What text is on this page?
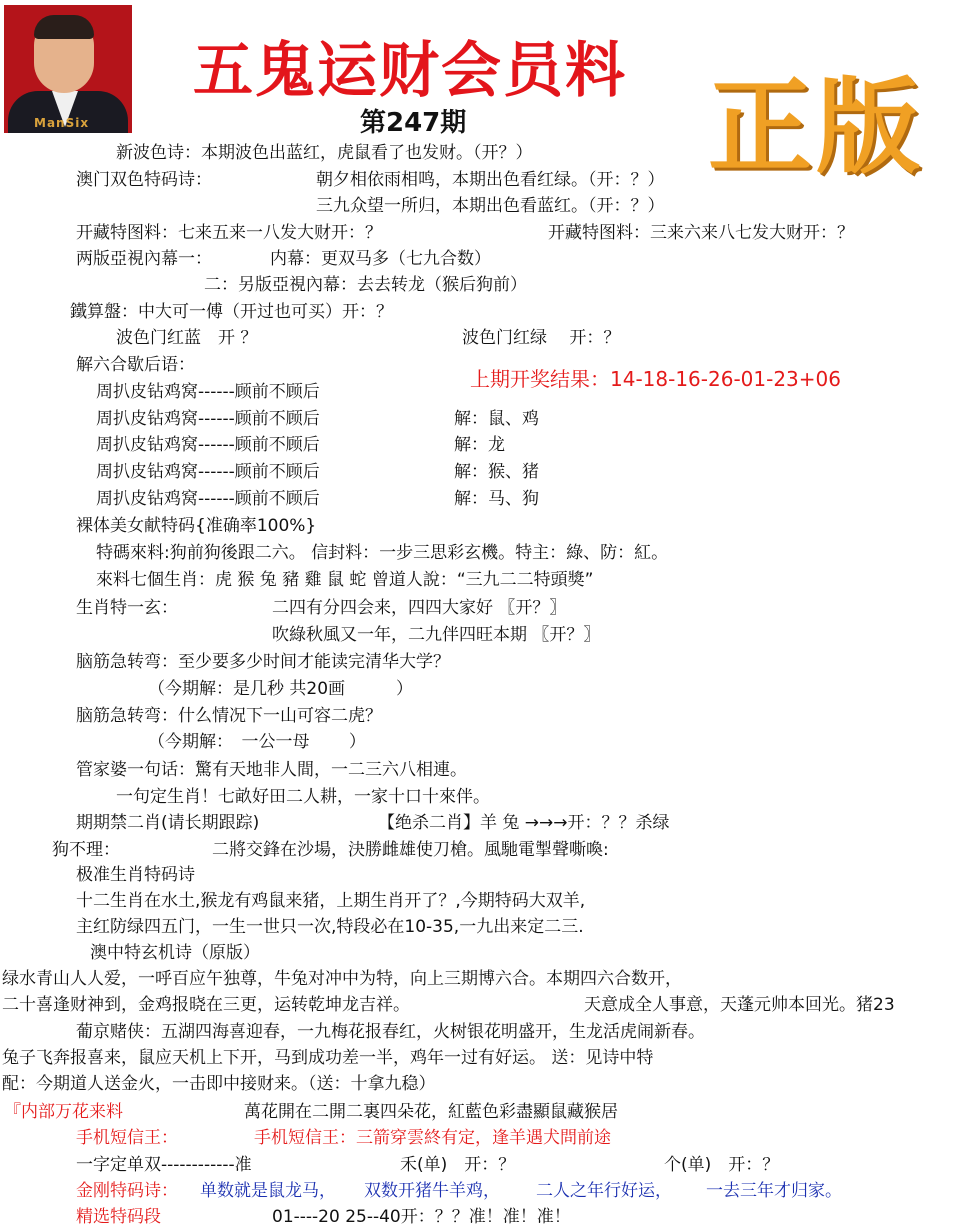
ManSix
五鬼运财会员料
第247期 正版
新波色诗：本期波色出蓝红，虎鼠看了也发财。（开？）
澳门双色特码诗：	朝夕相依雨相鸣，本期出色看红绿。（开：？）
三九众望一所归，本期出色看蓝红。（开：？）
开藏特图料：七来五来一八发大财开：？	开藏特图料：三来六来八七发大财开：？
两版亞視內幕一：	内幕：更双马多（七九合数）
二：另版亞視內幕：去去转龙（猴后狗前）
鐵算盤：中大可一傅（开过也可买）开：？
波色门红蓝　开 ？	波色门红绿　 开：？
解六合歇后语：
上期开奖结果：14-18-16-26-01-23+06
周扒皮钻鸡窝------顾前不顾后
周扒皮钻鸡窝------顾前不顾后	解：鼠、鸡
周扒皮钻鸡窝------顾前不顾后	解：龙
周扒皮钻鸡窝------顾前不顾后	解：猴、猪
周扒皮钻鸡窝------顾前不顾后	解：马、狗
裸体美女献特码{准确率100%}
特碼來料:狗前狗後跟二六。 信封料：一步三思彩玄機。特主：綠、防：紅。
來料七個生肖：虎 猴 兔 豬 雞 鼠 蛇 曾道人說：“三九二二特頭獎”
生肖特一玄：	二四有分四会来，四四大家好 〖开？〗
吹綠秋風又一年，二九伴四旺本期 〖开？〗
脑筋急转弯：至少要多少时间才能读完清华大学？
（今期解：是几秒 共20画　　　）
脑筋急转弯：什么情况下一山可容二虎？
（今期解：　一公一母　　 ）
管家婆一句话：驚有天地非人間，一二三六八相連。
一句定生肖！七畝好田二人耕，一家十口十來伴。
期期禁二肖(请长期跟踪)	【绝杀二肖】羊 兔 →→→开：？？杀绿
狗不理：	二將交鋒在沙場，決勝雌雄使刀槍。風馳電掣聲嘶喚:
极准生肖特码诗
十二生肖在水土,猴龙有鸡鼠来猪，上期生肖开了？,今期特码大双羊,
主红防绿四五门，一生一世只一次,特段必在10-35,一九出来定二三.
澳中特玄机诗（原版）
绿水青山人人爱，一呼百应午独尊，牛兔对冲中为特，向上三期博六合。本期四六合数开，
二十喜逢财神到，金鸡报晓在三更，运转乾坤龙吉祥。	天意成全人事意，天蓬元帅本回光。猪23
葡京赌侠：五湖四海喜迎春，一九梅花报春红，火树银花明盛开，生龙活虎闹新春。
兔子飞奔报喜来，鼠应天机上下开，马到成功差一半，鸡年一过有好运。 送：见诗中特
配：今期道人送金火，一击即中接财来。（送：十拿九稳）
『内部万花来料	萬花開在二開二裏四朵花，紅藍色彩盡顯鼠藏猴居
手机短信王：	手机短信王：三箭穿雲終有定，逢羊遇犬問前途
一字定单双------------准	禾(单)　开：？	个(单)　开：？
金刚特码诗： 单数就是鼠龙马， 双数开猪牛羊鸡， 二人之年行好运， 一去三年才归家。
精选特码段	01----20 25--40开：？？准！准！准！
